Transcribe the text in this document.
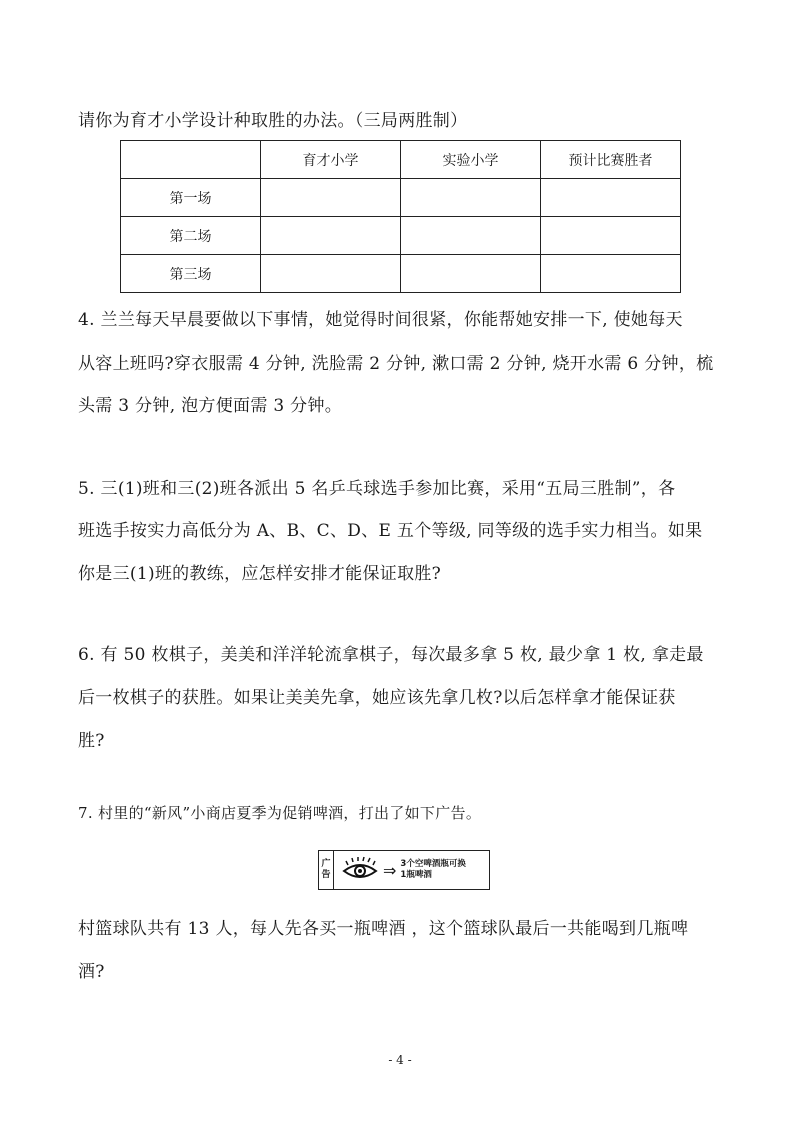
请你为育才小学设计种取胜的办法。（三局两胜制）
	育才小学	实验小学	预计比赛胜者
第一场			
第二场			
第三场			
4. 兰兰每天早晨要做以下事情，她觉得时间很紧，你能帮她安排一下, 使她每天
从容上班吗?穿衣服需 4 分钟, 洗脸需 2 分钟, 漱口需 2 分钟, 烧开水需 6 分钟，梳
头需 3 分钟, 泡方便面需 3 分钟。
5. 三(1)班和三(2)班各派出 5 名乒乓球选手参加比赛，采用“五局三胜制”，各
班选手按实力高低分为 A、B、C、D、E 五个等级, 同等级的选手实力相当。如果
你是三(1)班的教练，应怎样安排才能保证取胜?
6. 有 50 枚棋子，美美和洋洋轮流拿棋子，每次最多拿 5 枚, 最少拿 1 枚, 拿走最
后一枚棋子的获胜。如果让美美先拿，她应该先拿几枚?以后怎样拿才能保证获
胜?
7. 村里的“新风”小商店夏季为促销啤酒，打出了如下广告。
广
告	⇒ 3个空啤酒瓶可换
1瓶啤酒
村篮球队共有 13 人，每人先各买一瓶啤酒 ，这个篮球队最后一共能喝到几瓶啤
酒?
- 4 -
